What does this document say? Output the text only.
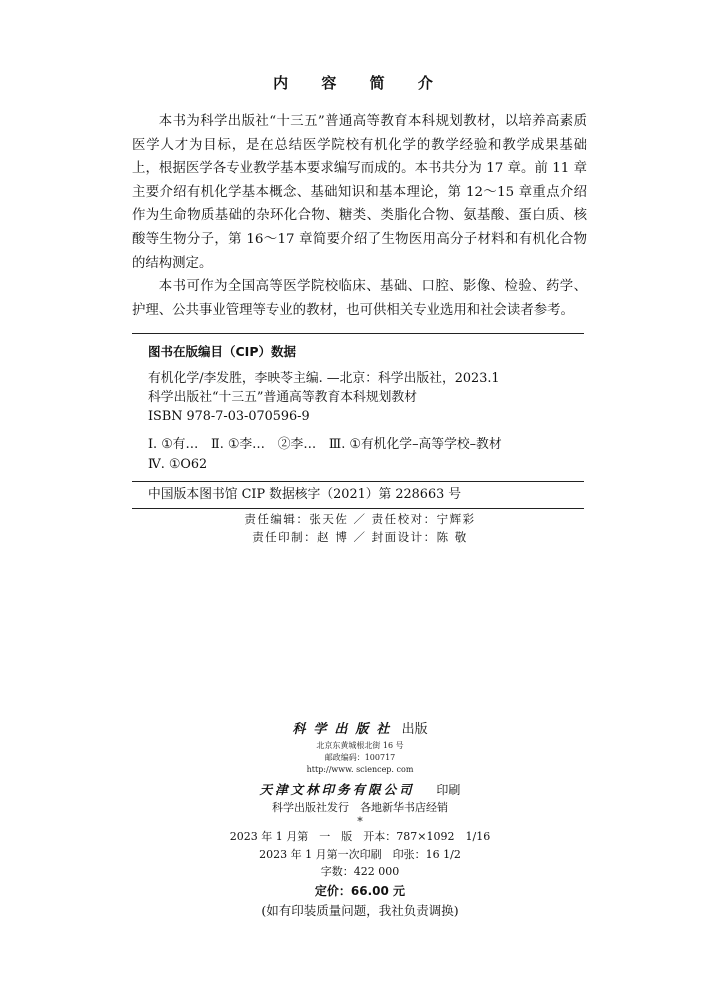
内 容 简 介

本书为科学出版社“十三五”普通高等教育本科规划教材，以培养高素质医学人才为目标，是在总结医学院校有机化学的教学经验和教学成果基础上，根据医学各专业教学基本要求编写而成的。本书共分为 17 章。前 11 章主要介绍有机化学基本概念、基础知识和基本理论，第 12～15 章重点介绍作为生命物质基础的杂环化合物、糖类、类脂化合物、氨基酸、蛋白质、核酸等生物分子，第 16～17 章简要介绍了生物医用高分子材料和有机化合物的结构测定。

本书可作为全国高等医学院校临床、基础、口腔、影像、检验、药学、护理、公共事业管理等专业的教材，也可供相关专业选用和社会读者参考。

图书在版编目（CIP）数据
有机化学/李发胜，李映苓主编. —北京：科学出版社，2023.1
科学出版社“十三五”普通高等教育本科规划教材
ISBN 978-7-03-070596-9
Ⅰ. ①有…　Ⅱ. ①李…　②李…　Ⅲ. ①有机化学–高等学校–教材
Ⅳ. ①O62
中国版本图书馆 CIP 数据核字（2021）第 228663 号
责任编辑：张天佐 ／ 责任校对：宁辉彩
责任印制：赵 博 ／ 封面设计：陈 敬
科学出版社 出版
北京东黄城根北街 16 号
邮政编码：100717
http://www. sciencep. com
天津文林印务有限公司 印刷
科学出版社发行　各地新华书店经销
*
2023 年 1 月第　一　版　开本：787×1092　1/16
2023 年 1 月第一次印刷　印张：16 1/2
字数：422 000
定价：66.00 元
(如有印装质量问题，我社负责调换)
